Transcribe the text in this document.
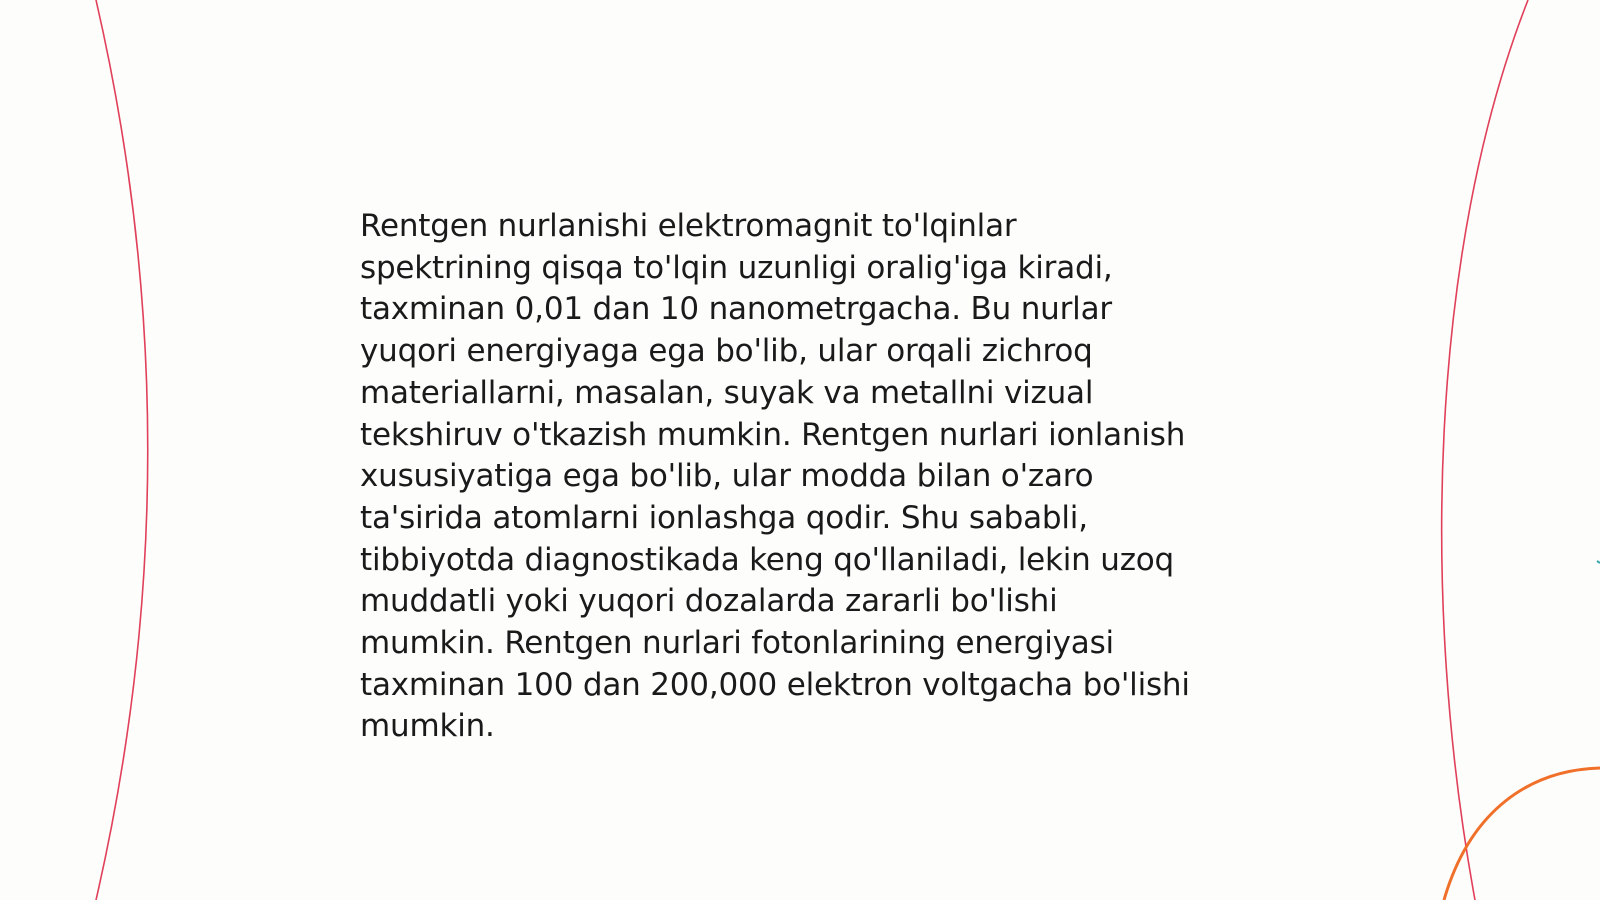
Rentgen nurlanishi elektromagnit to'lqinlar
spektrining qisqa to'lqin uzunligi oralig'iga kiradi,
taxminan 0,01 dan 10 nanometrgacha. Bu nurlar
yuqori energiyaga ega bo'lib, ular orqali zichroq
materiallarni, masalan, suyak va metallni vizual
tekshiruv o'tkazish mumkin. Rentgen nurlari ionlanish
xususiyatiga ega bo'lib, ular modda bilan o'zaro
ta'sirida atomlarni ionlashga qodir. Shu sababli,
tibbiyotda diagnostikada keng qo'llaniladi, lekin uzoq
muddatli yoki yuqori dozalarda zararli bo'lishi
mumkin. Rentgen nurlari fotonlarining energiyasi
taxminan 100 dan 200,000 elektron voltgacha bo'lishi
mumkin.
